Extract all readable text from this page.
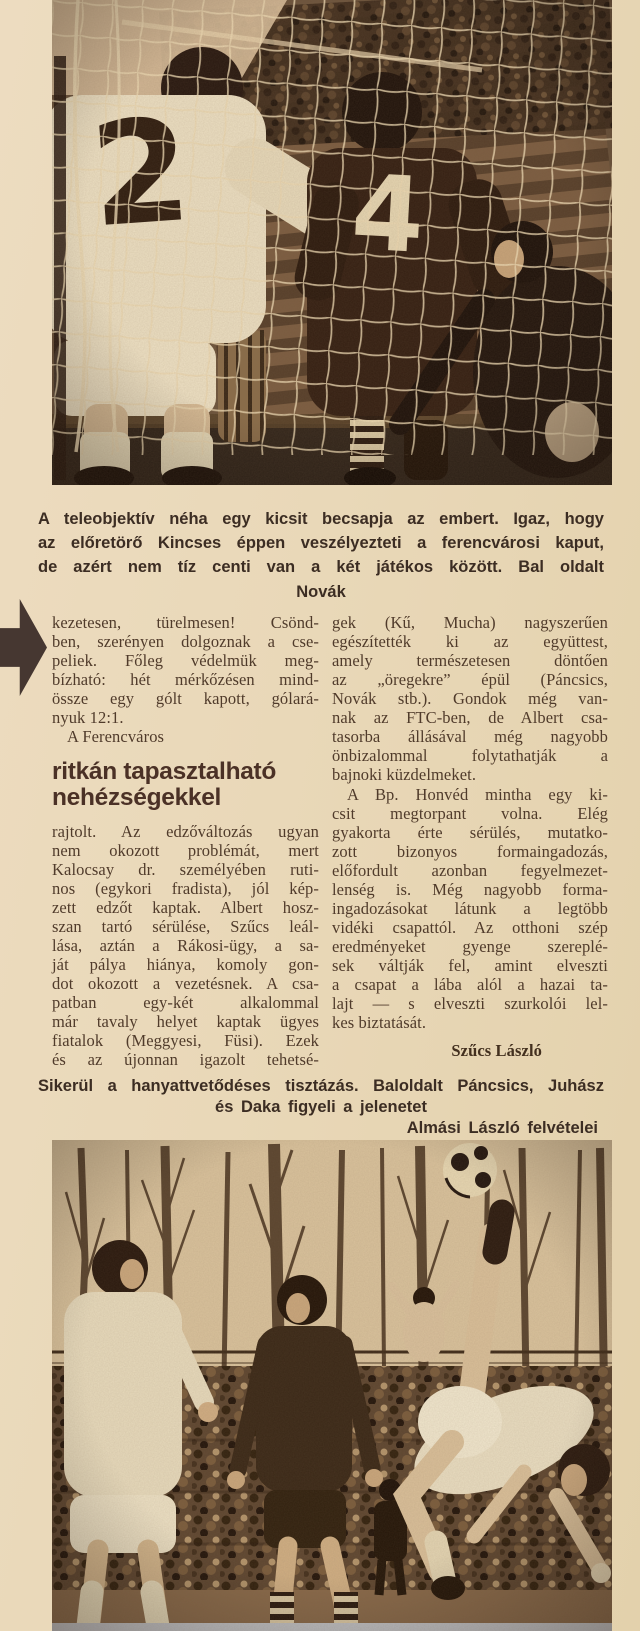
A teleobjektív néha egy kicsit becsapja az embert. Igaz, hogy
az előretörő Kincses éppen veszélyezteti a ferencvárosi kaput,
de azért nem tíz centi van a két játékos között. Bal oldalt
Novák
kezetesen, türelmesen! Csönd-
ben, szerényen dolgoznak a cse-
peliek. Főleg védelmük meg-
bízható: hét mérkőzésen mind-
össze egy gólt kapott, gólará-
nyuk 12:1.
A Ferencváros
ritkán tapasztalható
nehézségekkel
rajtolt. Az edzőváltozás ugyan
nem okozott problémát, mert
Kalocsay dr. személyében ruti-
nos (egykori fradista), jól kép-
zett edzőt kaptak. Albert hosz-
szan tartó sérülése, Szűcs leál-
lása, aztán a Rákosi-ügy, a sa-
ját pálya hiánya, komoly gon-
dot okozott a vezetésnek. A csa-
patban egy-két alkalommal
már tavaly helyet kaptak ügyes
fiatalok (Meggyesi, Füsi). Ezek
és az újonnan igazolt tehetsé-
gek (Kű, Mucha) nagyszerűen
egészítették ki az együttest,
amely természetesen döntően
az „öregekre” épül (Páncsics,
Novák stb.). Gondok még van-
nak az FTC-ben, de Albert csa-
tasorba állásával még nagyobb
önbizalommal folytathatják a
bajnoki küzdelmeket.
A Bp. Honvéd mintha egy ki-
csit megtorpant volna. Elég
gyakorta érte sérülés, mutatko-
zott bizonyos formaingadozás,
előfordult azonban fegyelmezet-
lenség is. Még nagyobb forma-
ingadozásokat látunk a legtöbb
vidéki csapattól. Az otthoni szép
eredményeket gyenge szereplé-
sek váltják fel, amint elveszti
a csapat a lába alól a hazai ta-
lajt — s elveszti szurkolói lel-
kes biztatását.
Szűcs László
Sikerül a hanyattvetődéses tisztázás. Baloldalt Páncsics, Juhász
és Daka figyeli a jelenetet
Almási László felvételei
